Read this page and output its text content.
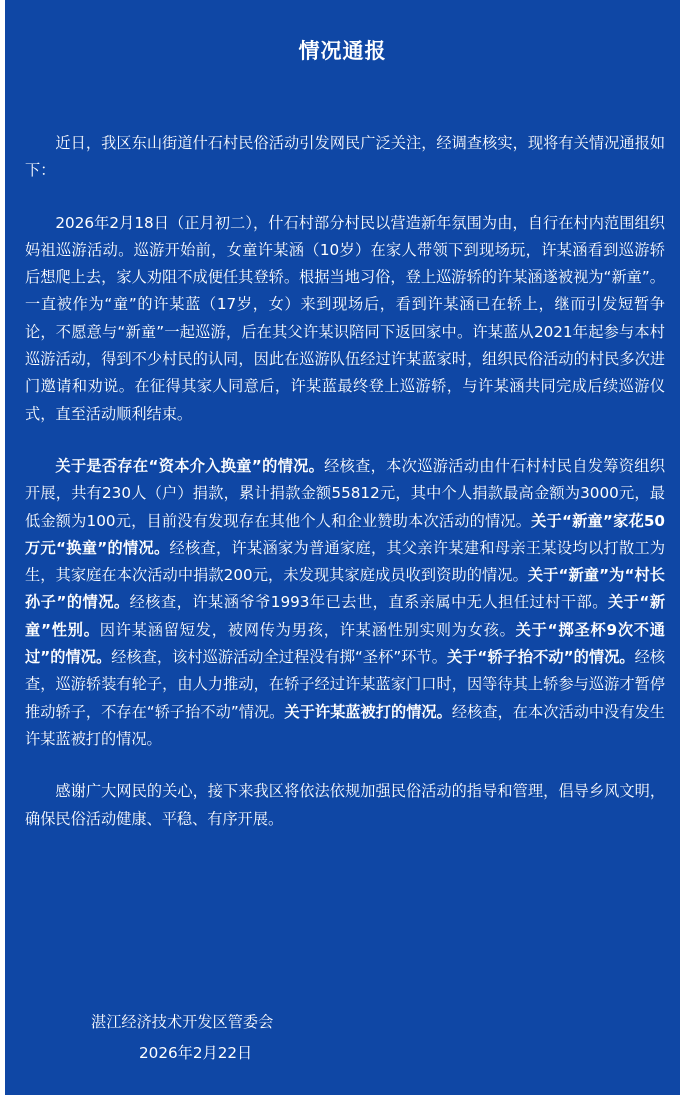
情况通报

近日，我区东山街道什石村民俗活动引发网民广泛关注，经调查核实，现将有关情况通报如下：

2026年2月18日（正月初二），什石村部分村民以营造新年氛围为由，自行在村内范围组织妈祖巡游活动。巡游开始前，女童许某涵（10岁）在家人带领下到现场玩，许某涵看到巡游轿后想爬上去，家人劝阻不成便任其登轿。根据当地习俗，登上巡游轿的许某涵遂被视为“新童”。一直被作为“童”的许某蓝（17岁，女）来到现场后，看到许某涵已在轿上，继而引发短暂争论，不愿意与“新童”一起巡游，后在其父许某识陪同下返回家中。许某蓝从2021年起参与本村巡游活动，得到不少村民的认同，因此在巡游队伍经过许某蓝家时，组织民俗活动的村民多次进门邀请和劝说。在征得其家人同意后，许某蓝最终登上巡游轿，与许某涵共同完成后续巡游仪式，直至活动顺利结束。

关于是否存在“资本介入换童”的情况。经核查，本次巡游活动由什石村村民自发筹资组织开展，共有230人（户）捐款，累计捐款金额55812元，其中个人捐款最高金额为3000元，最低金额为100元，目前没有发现存在其他个人和企业赞助本次活动的情况。关于“新童”家花50万元“换童”的情况。经核查，许某涵家为普通家庭，其父亲许某建和母亲王某设均以打散工为生，其家庭在本次活动中捐款200元，未发现其家庭成员收到资助的情况。关于“新童”为“村长孙子”的情况。经核查，许某涵爷爷1993年已去世，直系亲属中无人担任过村干部。关于“新童”性别。因许某涵留短发，被网传为男孩，许某涵性别实则为女孩。关于“掷圣杯9次不通过”的情况。经核查，该村巡游活动全过程没有掷“圣杯”环节。关于“轿子抬不动”的情况。经核查，巡游轿装有轮子，由人力推动，在轿子经过许某蓝家门口时，因等待其上轿参与巡游才暂停推动轿子，不存在“轿子抬不动”情况。关于许某蓝被打的情况。经核查，在本次活动中没有发生许某蓝被打的情况。

感谢广大网民的关心，接下来我区将依法依规加强民俗活动的指导和管理，倡导乡风文明，确保民俗活动健康、平稳、有序开展。

湛江经济技术开发区管委会
2026年2月22日
